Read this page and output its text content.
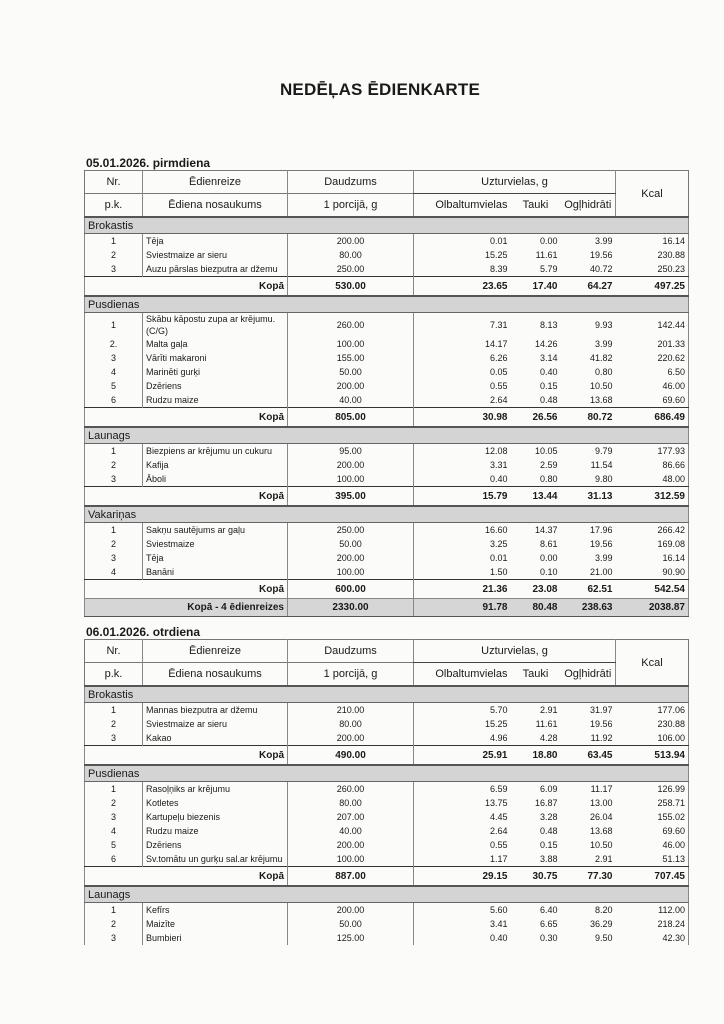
NEDĒĻAS ĒDIENKARTE
05.01.2026. pirmdiena
Nr.	Ēdienreize	Daudzums	Uzturvielas, g			Kcal
p.k.	Ēdiena nosaukums	1 porcijā, g	Olbaltumvielas	Tauki	Ogļhidrāti	
Brokastis						
1	Tēja	200.00	0.01	0.00	3.99	16.14
2	Sviestmaize ar sieru	80.00	15.25	11.61	19.56	230.88
3	Auzu pārslas biezputra ar džemu	250.00	8.39	5.79	40.72	250.23
Kopā		530.00	23.65	17.40	64.27	497.25
Pusdienas						
1	Skābu kāpostu zupa ar krējumu. (C/G)	260.00	7.31	8.13	9.93	142.44
2.	Malta gaļa	100.00	14.17	14.26	3.99	201.33
3	Vārīti makaroni	155.00	6.26	3.14	41.82	220.62
4	Marinēti gurķi	50.00	0.05	0.40	0.80	6.50
5	Dzēriens	200.00	0.55	0.15	10.50	46.00
6	Rudzu maize	40.00	2.64	0.48	13.68	69.60
Kopā		805.00	30.98	26.56	80.72	686.49
Launags						
1	Biezpiens ar krējumu un cukuru	95.00	12.08	10.05	9.79	177.93
2	Kafija	200.00	3.31	2.59	11.54	86.66
3	Āboli	100.00	0.40	0.80	9.80	48.00
Kopā		395.00	15.79	13.44	31.13	312.59
Vakariņas						
1	Sakņu sautējums ar gaļu	250.00	16.60	14.37	17.96	266.42
2	Sviestmaize	50.00	3.25	8.61	19.56	169.08
3	Tēja	200.00	0.01	0.00	3.99	16.14
4	Banāni	100.00	1.50	0.10	21.00	90.90
Kopā		600.00	21.36	23.08	62.51	542.54
Kopā - 4 ēdienreizes		2330.00	91.78	80.48	238.63	2038.87
06.01.2026. otrdiena
Nr.	Ēdienreize	Daudzums	Uzturvielas, g			Kcal
p.k.	Ēdiena nosaukums	1 porcijā, g	Olbaltumvielas	Tauki	Ogļhidrāti	
Brokastis						
1	Mannas biezputra ar džemu	210.00	5.70	2.91	31.97	177.06
2	Sviestmaize ar sieru	80.00	15.25	11.61	19.56	230.88
3	Kakao	200.00	4.96	4.28	11.92	106.00
Kopā		490.00	25.91	18.80	63.45	513.94
Pusdienas						
1	Rasoļņiks ar krējumu	260.00	6.59	6.09	11.17	126.99
2	Kotletes	80.00	13.75	16.87	13.00	258.71
3	Kartupeļu biezenis	207.00	4.45	3.28	26.04	155.02
4	Rudzu maize	40.00	2.64	0.48	13.68	69.60
5	Dzēriens	200.00	0.55	0.15	10.50	46.00
6	Sv.tomātu un gurķu sal.ar krējumu	100.00	1.17	3.88	2.91	51.13
Kopā		887.00	29.15	30.75	77.30	707.45
Launags						
1	Kefīrs	200.00	5.60	6.40	8.20	112.00
2	Maizīte	50.00	3.41	6.65	36.29	218.24
3	Bumbieri	125.00	0.40	0.30	9.50	42.30
